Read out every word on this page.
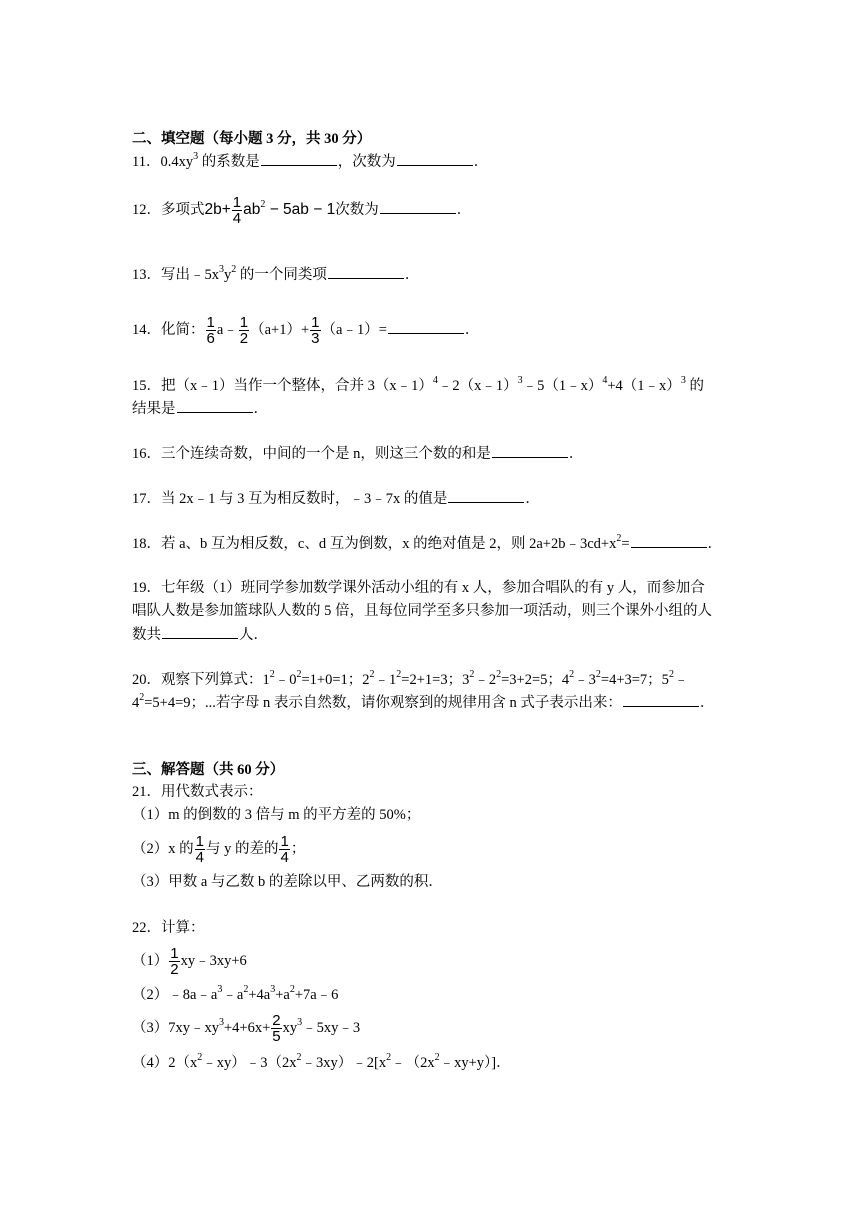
二、填空题（每小题 3 分，共 30 分）
11．$0.4xy^3$ 的系数是	，次数为	．
12．多项式$2b+ \frac{1}{4} ab^2 - 5ab - 1$次数为	．
13．写出$﹣5x^3y^2$ 的一个同类项	．
14．化简： $\frac{1}{6}$ a﹣ $\frac{1}{2} (a+1)+ \frac{1}{3}$ （a﹣1）=	．
15．把（x﹣1）当作一个整体，合并 3（x﹣1）$^4$﹣2（x﹣1）$^3$﹣5（1﹣x）$^4$+4（1﹣x）$^3$ 的
结果是	．
16．三个连续奇数，中间的一个是 n，则这三个数的和是	．
17．当 2x﹣1 与 3 互为相反数时，﹣3﹣7x 的值是	．
18．若 a、b 互为相反数，c、d 互为倒数，x 的绝对值是 2，则 $2a+2b﹣3cd+x^2=$	．
19．七年级（1）班同学参加数学课外活动小组的有 x 人，参加合唱队的有 y 人，而参加合
唱队人数是参加篮球队人数的 5 倍，且每位同学至多只参加一项活动，则三个课外小组的人
数共	人．
20．观察下列算式：$1^2﹣0^2=1+0=1$；$2^2﹣1^2=2+1=3$；$3^2﹣2^2=3+2=5$；$4^2﹣3^2=4+3=7$；$5^2﹣$
$4^2=5+4=9$；...若字母 n 表示自然数，请你观察到的规律用含 n 式子表示出来：	．
三、解答题（共 60 分）
21．用代数式表示：
（1）m 的倒数的 3 倍与 m 的平方差的 50%；
（2）x 的 $\frac{1}{4}$ 与 y 的差的 $\frac{1}{4}$ ；
（3）甲数 a 与乙数 b 的差除以甲、乙两数的积．
22．计算：
$(1) \frac{1}{2}$ xy﹣3xy+6
$(2)﹣8a﹣a^3﹣a^2+4a^3+a^2+7a﹣6$
$(3)7xy﹣xy^3+4+6x+ \frac{2}{5}$ $xy^3﹣5xy﹣3$
$(4)2(x^2﹣xy)﹣3(2x^2﹣3xy)﹣2[x^2﹣(2x^2﹣xy+y)]$．
